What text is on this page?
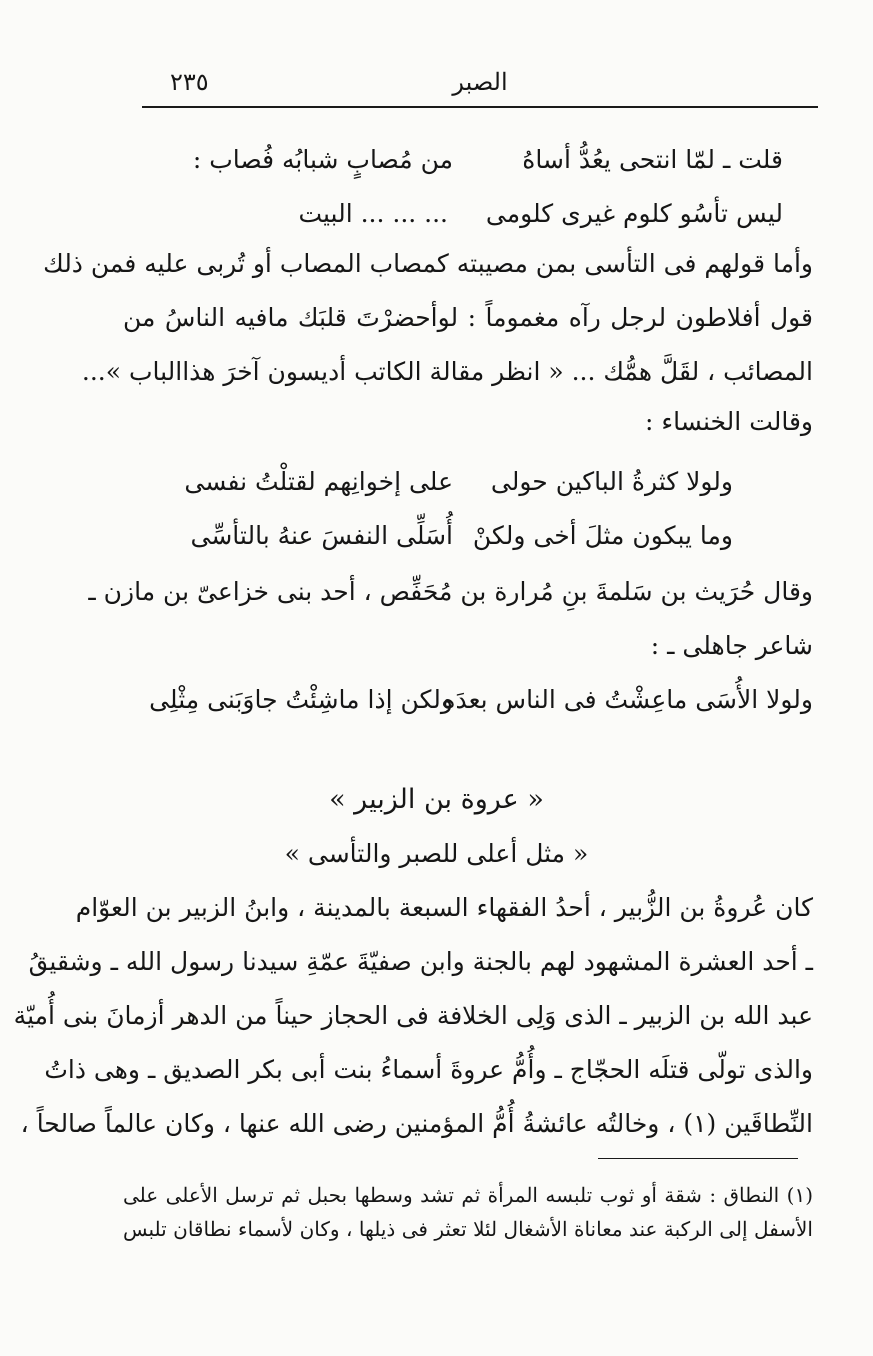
٢٣٥	الصبر
قلت ـ لمّا انتحى يعُدُّ أساهُ
من مُصابٍ شبابُه فُصاب :
ليس تأسُو كلوم غيرى كلومى
... ... ... البيت
وأما قولهم فى التأسى بمن مصيبته كمصاب المصاب أو تُربى عليه فمن ذلك
قول أفلاطون لرجل رآه مغموماً : لوأحضرْتَ قلبَك مافيه الناسُ من
المصائب ، لقَلَّ همُّك ... « انظر مقالة الكاتب أديسون آخرَ هذاالباب »...
وقالت الخنساء :
ولولا كثرةُ الباكين حولى
على إخوانِهم لقتلْتُ نفسى
وما يبكون مثلَ أخى ولكنْ
أُسَلِّى النفسَ عنهُ بالتأسِّى
وقال حُرَيث بن سَلمةَ بنِ مُرارة بن مُحَفِّص ، أحد بنى خزاعىّ بن مازن ـ
شاعر جاهلى ـ :
ولولا الأُسَى ماعِشْتُ فى الناس بعدَه
ولكن إذا ماشِئْتُ جاوَبَنى مِثْلِى
« عروة بن الزبير »
« مثل أعلى للصبر والتأسى »
كان عُروةُ بن الزُّبير ، أحدُ الفقهاء السبعة بالمدينة ، وابنُ الزبير بن العوّام
ـ أحد العشرة المشهود لهم بالجنة وابن صفيّةَ عمّةِ سيدنا رسول الله ـ وشقيقُ
عبد الله بن الزبير ـ الذى وَلِى الخلافة فى الحجاز حيناً من الدهر أزمانَ بنى أُميّة
والذى تولّى قتلَه الحجّاج ـ وأُمُّ عروةَ أسماءُ بنت أبى بكر الصديق ـ وهى ذاتُ
النِّطاقَين (١) ، وخالتُه عائشةُ أُمُّ المؤمنين رضى الله عنها ، وكان عالماً صالحاً ،
(١) النطاق : شقة أو ثوب تلبسه المرأة ثم تشد وسطها بحبل ثم ترسل الأعلى على
الأسفل إلى الركبة عند معاناة الأشغال لئلا تعثر فى ذيلها ، وكان لأسماء نطاقان تلبس
